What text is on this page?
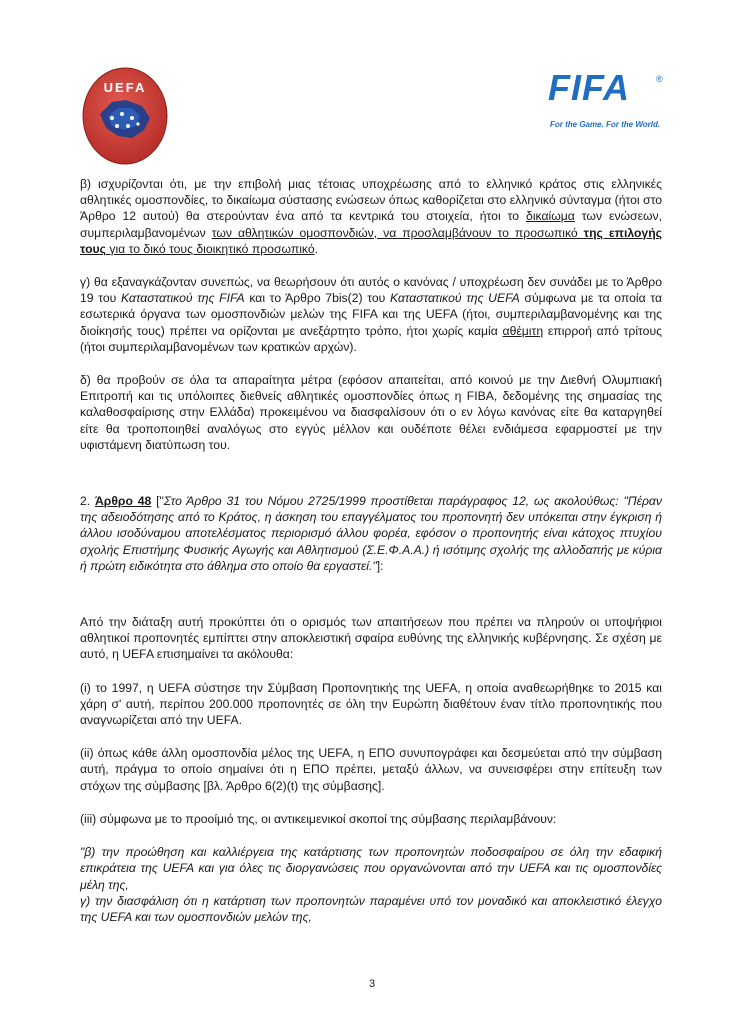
UEFA	FIFA	®
For the Game. For the World.

β) ισχυρίζονται ότι, με την επιβολή μιας τέτοιας υποχρέωσης από το ελληνικό κράτος στις ελληνικές αθλητικές ομοσπονδίες, το δικαίωμα σύστασης ενώσεων όπως καθορίζεται στο ελληνικό σύνταγμα (ήτοι στο Άρθρο 12 αυτού) θα στερούνταν ένα από τα κεντρικά του στοιχεία, ήτοι το δικαίωμα των ενώσεων, συμπεριλαμβανομένων των αθλητικών ομοσπονδιών, να προσλαμβάνουν το προσωπικό της επιλογής τους για το δικό τους διοικητικό προσωπικό.

γ) θα εξαναγκάζονταν συνεπώς, να θεωρήσουν ότι αυτός ο κανόνας / υποχρέωση δεν συνάδει με το Άρθρο 19 του Καταστατικού της FIFA και το Άρθρο 7bis(2) του Καταστατικού της UEFA σύμφωνα με τα οποία τα εσωτερικά όργανα των ομοσπονδιών μελών της FIFA και της UEFA (ήτοι, συμπεριλαμβανομένης και της διοίκησής τους) πρέπει να ορίζονται με ανεξάρτητο τρόπο, ήτοι χωρίς καμία αθέμιτη επιρροή από τρίτους (ήτοι συμπεριλαμβανομένων των κρατικών αρχών).

δ) θα προβούν σε όλα τα απαραίτητα μέτρα (εφόσον απαιτείται, από κοινού με την Διεθνή Ολυμπιακή Επιτροπή και τις υπόλοιπες διεθνείς αθλητικές ομοσπονδίες όπως η FIBA, δεδομένης της σημασίας της καλαθοσφαίρισης στην Ελλάδα) προκειμένου να διασφαλίσουν ότι ο εν λόγω κανόνας είτε θα καταργηθεί είτε θα τροποποιηθεί αναλόγως στο εγγύς μέλλον και ουδέποτε θέλει ενδιάμεσα εφαρμοστεί με την υφιστάμενη διατύπωση του.

2. Άρθρο 48 ["Στο Άρθρο 31 του Νόμου 2725/1999 προστίθεται παράγραφος 12, ως ακολούθως: "Πέραν της αδειοδότησης από το Κράτος, η άσκηση του επαγγέλματος του προπονητή δεν υπόκειται στην έγκριση ή άλλου ισοδύναμου αποτελέσματος περιορισμό άλλου φορέα, εφόσον ο προπονητής είναι κάτοχος πτυχίου σχολής Επιστήμης Φυσικής Αγωγής και Αθλητισμού (Σ.Ε.Φ.Α.Α.) ή ισότιμης σχολής της αλλοδαπής με κύρια ή πρώτη ειδικότητα στο άθλημα στο οποίο θα εργαστεί."]:

Από την διάταξη αυτή προκύπτει ότι ο ορισμός των απαιτήσεων που πρέπει να πληρούν οι υποψήφιοι αθλητικοί προπονητές εμπίπτει στην αποκλειστική σφαίρα ευθύνης της ελληνικής κυβέρνησης. Σε σχέση με αυτό, η UEFA επισημαίνει τα ακόλουθα:

(i) το 1997, η UEFA σύστησε την Σύμβαση Προπονητικής της UEFA, η οποία αναθεωρήθηκε το 2015 και χάρη σ' αυτή, περίπου 200.000 προπονητές σε όλη την Ευρώπη διαθέτουν έναν τίτλο προπονητικής που αναγνωρίζεται από την UEFA.

(ii) όπως κάθε άλλη ομοσπονδία μέλος της UEFA, η ΕΠΟ συνυπογράφει και δεσμεύεται από την σύμβαση αυτή, πράγμα το οποίο σημαίνει ότι η ΕΠΟ πρέπει, μεταξύ άλλων, να συνεισφέρει στην επίτευξη των στόχων της σύμβασης [βλ. Άρθρο 6(2)(t) της σύμβασης].

(iii) σύμφωνα με το προοίμιό της, οι αντικειμενικοί σκοποί της σύμβασης περιλαμβάνουν:

"β) την προώθηση και καλλιέργεια της κατάρτισης των προπονητών ποδοσφαίρου σε όλη την εδαφική επικράτεια της UEFA και για όλες τις διοργανώσεις που οργανώνονται από την UEFA και τις ομοσπονδίες μέλη της,

γ) την διασφάλιση ότι η κατάρτιση των προπονητών παραμένει υπό τον μοναδικό και αποκλειστικό έλεγχο της UEFA και των ομοσπονδιών μελών της,

3
